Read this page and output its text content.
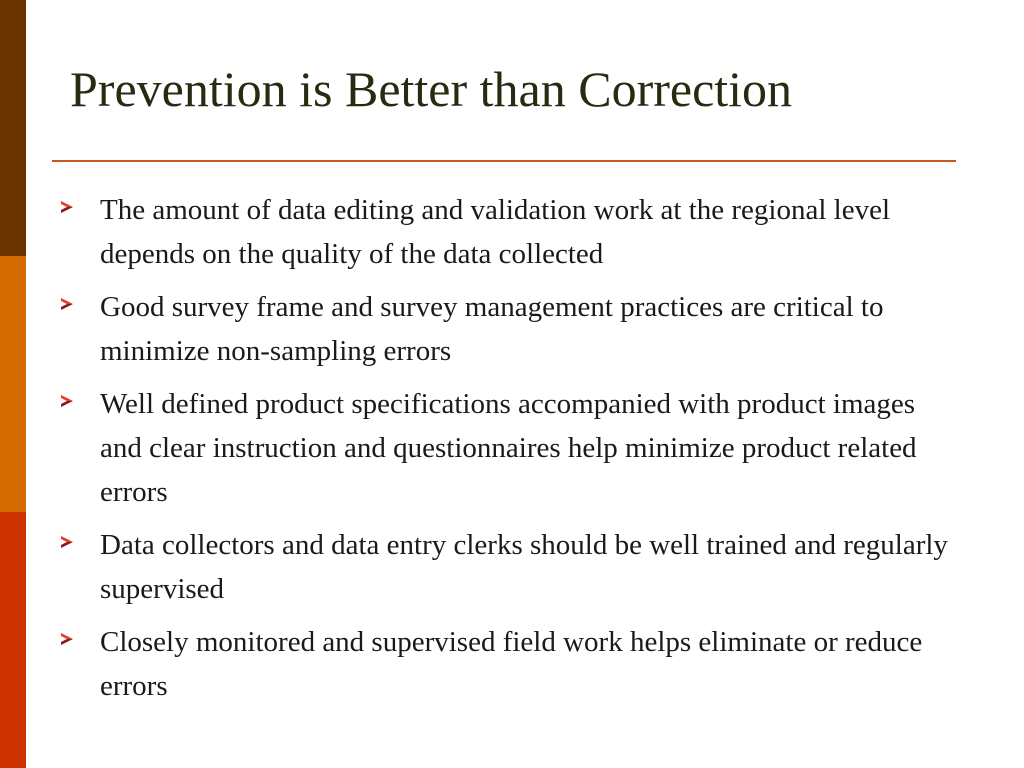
Prevention is Better than Correction
The amount of data editing and validation work at the regional level depends on the quality of the data collected
Good survey frame and survey management practices are critical to minimize non-sampling errors
Well defined product specifications accompanied with product images and clear instruction and questionnaires help minimize product related errors
Data collectors and data entry clerks should be well trained and regularly supervised
Closely monitored and supervised field work helps eliminate or reduce errors
